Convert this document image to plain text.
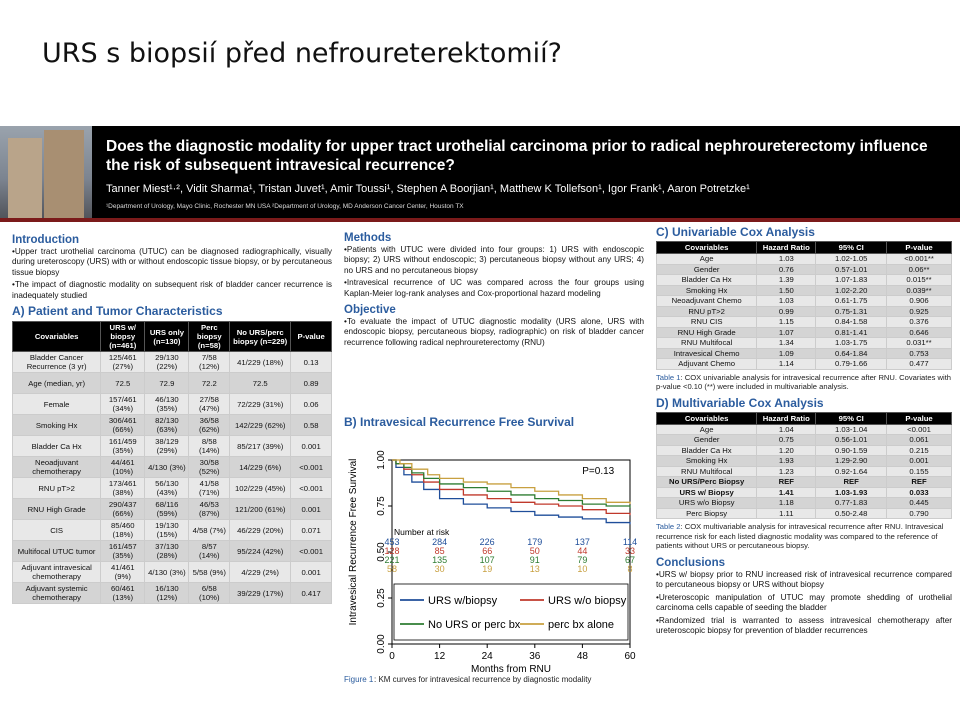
URS s biopsií před nefroureterektomií?
Does the diagnostic modality for upper tract urothelial carcinoma prior to radical nephroureterectomy influence the risk of subsequent intravesical recurrence?
Tanner Miest¹·², Vidit Sharma¹, Tristan Juvet¹, Amir Toussi¹, Stephen A Boorjian¹, Matthew K Tollefson¹, Igor Frank¹, Aaron Potretzke¹
¹Department of Urology, Mayo Clinic, Rochester MN USA ²Department of Urology, MD Anderson Cancer Center, Houston TX
Introduction

•Upper tract urothelial carcinoma (UTUC) can be diagnosed radiographically, visually during ureteroscopy (URS) with or without endoscopic tissue biopsy, or by percutaneous tissue biopsy

•The impact of diagnostic modality on subsequent risk of bladder cancer recurrence is inadequately studied

A) Patient and Tumor Characteristics
Covariables	URS w/ biopsy (n=461)	URS only (n=130)	Perc biopsy (n=58)	No URS/perc biopsy (n=229)	P-value
Bladder Cancer Recurrence (3 yr)	125/461 (27%)	29/130 (22%)	7/58 (12%)	41/229 (18%)	0.13
Age (median, yr)	72.5	72.9	72.2	72.5	0.89
Female	157/461 (34%)	46/130 (35%)	27/58 (47%)	72/229 (31%)	0.06
Smoking Hx	306/461 (66%)	82/130 (63%)	36/58 (62%)	142/229 (62%)	0.58
Bladder Ca Hx	161/459 (35%)	38/129 (29%)	8/58 (14%)	85/217 (39%)	0.001
Neoadjuvant chemotherapy	44/461 (10%)	4/130 (3%)	30/58 (52%)	14/229 (6%)	<0.001
RNU pT>2	173/461 (38%)	56/130 (43%)	41/58 (71%)	102/229 (45%)	<0.001
RNU High Grade	290/437 (66%)	68/116 (59%)	46/53 (87%)	121/200 (61%)	0.001
CIS	85/460 (18%)	19/130 (15%)	4/58 (7%)	46/229 (20%)	0.071
Multifocal UTUC tumor	161/457 (35%)	37/130 (28%)	8/57 (14%)	95/224 (42%)	<0.001
Adjuvant intravesical chemotherapy	41/461 (9%)	4/130 (3%)	5/58 (9%)	4/229 (2%)	0.001
Adjuvant systemic chemotherapy	60/461 (13%)	16/130 (12%)	6/58 (10%)	39/229 (17%)	0.417
Methods

•Patients with UTUC were divided into four groups: 1) URS with endoscopic biopsy; 2) URS without endoscopic; 3) percutaneous biopsy without any URS; 4) no URS and no percutaneous biopsy

•Intravesical recurrence of UC was compared across the four groups using Kaplan-Meier log-rank analyses and Cox-proportional hazard modeling

Objective

•To evaluate the impact of UTUC diagnostic modality (URS alone, URS with endoscopic biopsy, percutaneous biopsy, radiographic) on risk of bladder cancer recurrence following radical nephroureterectomy (RNU)

B) Intravesical Recurrence Free Survival
0.00
0.25
0.50
0.75
1.00
0	12	24	36	48	60
Months from RNU
Intravesical Recurrence Free Survival	P=0.13
Number at risk
453	284	226	179	137	114
128	85	66	50	44	33
221	135	107	91	79	67
58	30	19	13	10	8
URS w/biopsy	URS w/o biopsy
No URS or perc bx	perc bx alone
Figure 1 : KM curves for intravesical recurrence by diagnostic modality
C) Univariable Cox Analysis
Covariables	Hazard Ratio	95% CI	P-value
Age	1.03	1.02-1.05	<0.001**
Gender	0.76	0.57-1.01	0.06**
Bladder Ca Hx	1.39	1.07-1.83	0.015**
Smoking Hx	1.50	1.02-2.20	0.039**
Neoadjuvant Chemo	1.03	0.61-1.75	0.906
RNU pT>2	0.99	0.75-1.31	0.925
RNU CIS	1.15	0.84-1.58	0.376
RNU High Grade	1.07	0.81-1.41	0.646
RNU Multifocal	1.34	1.03-1.75	0.031**
Intravesical Chemo	1.09	0.64-1.84	0.753
Adjuvant Chemo	1.14	0.79-1.66	0.477

Table 1: COX univariable analysis for intravesical recurrence after RNU. Covariates with p-value <0.10 (**) were included in multivariable analysis.

D) Multivariable Cox Analysis
Covariables	Hazard Ratio	95% CI	P-value
Age	1.04	1.03-1.04	<0.001
Gender	0.75	0.56-1.01	0.061
Bladder Ca Hx	1.20	0.90-1.59	0.215
Smoking Hx	1.93	1.29-2.90	0.001
RNU Multifocal	1.23	0.92-1.64	0.155
No URS/Perc Biopsy	REF	REF	REF
URS w/ Biopsy	1.41	1.03-1.93	0.033
URS w/o Biopsy	1.18	0.77-1.83	0.445
Perc Biopsy	1.11	0.50-2.48	0.790

Table 2: COX multivariable analysis for intravesical recurrence after RNU. Intravesical recurrence risk for each listed diagnostic modality was compared to the reference of patients without URS or percutaneous biopsy.

Conclusions

•URS w/ biopsy prior to RNU increased risk of intravesical recurrence compared to percutaneous biopsy or URS without biopsy

•Ureteroscopic manipulation of UTUC may promote shedding of urothelial carcinoma cells capable of seeding the bladder

•Randomized trial is warranted to assess intravesical chemotherapy after ureteroscopic biopsy for prevention of bladder recurrences
